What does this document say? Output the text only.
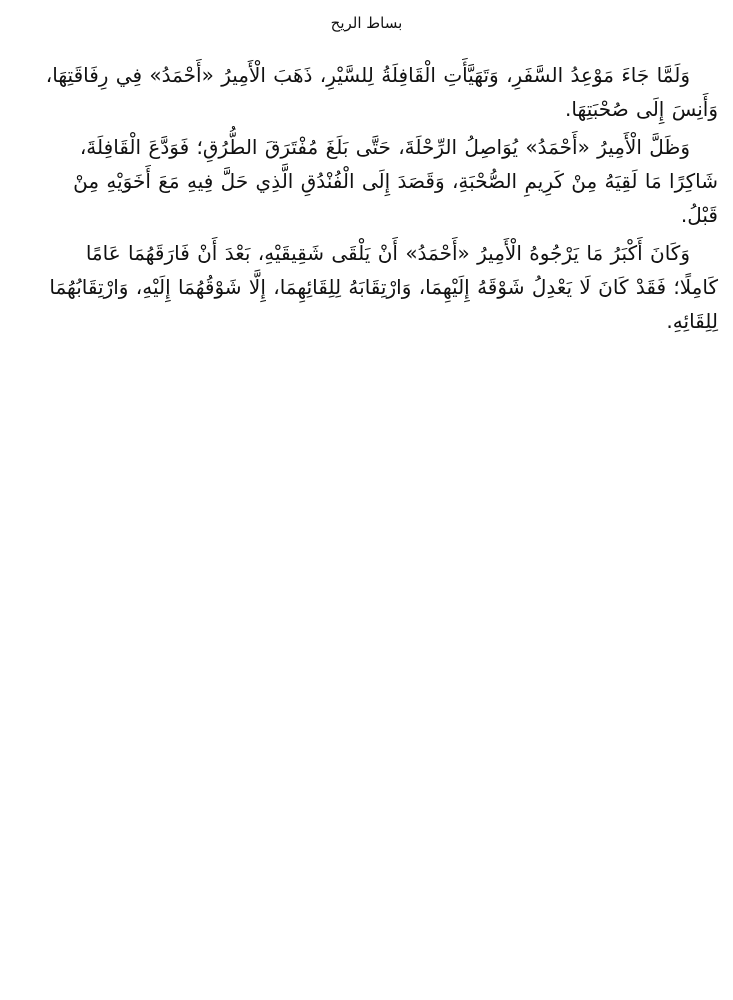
بساط الريح

وَلَمَّا جَاءَ مَوْعِدُ السَّفَرِ، وَتَهَيَّأَتِ الْقَافِلَةُ لِلسَّيْرِ، ذَهَبَ الْأَمِيرُ «أَحْمَدُ» فِي رِفَاقَتِهَا، وَأَنِسَ إِلَى صُحْبَتِهَا.

وَظَلَّ الْأَمِيرُ «أَحْمَدُ» يُوَاصِلُ الرِّحْلَةَ، حَتَّى بَلَغَ مُفْتَرَقَ الطُّرُقِ؛ فَوَدَّعَ الْقَافِلَةَ، شَاكِرًا مَا لَقِيَهُ مِنْ كَرِيمِ الصُّحْبَةِ، وَقَصَدَ إِلَى الْفُنْدُقِ الَّذِي حَلَّ فِيهِ مَعَ أَخَوَيْهِ مِنْ قَبْلُ.

وَكَانَ أَكْبَرُ مَا يَرْجُوهُ الْأَمِيرُ «أَحْمَدُ» أَنْ يَلْقَى شَقِيقَيْهِ، بَعْدَ أَنْ فَارَقَهُمَا عَامًا كَامِلًا؛ فَقَدْ كَانَ لَا يَعْدِلُ شَوْقَهُ إِلَيْهِمَا، وَارْتِقَابَهُ لِلِقَائِهِمَا، إِلَّا شَوْقُهُمَا إِلَيْهِ، وَارْتِقَابُهُمَا لِلِقَائِهِ.
